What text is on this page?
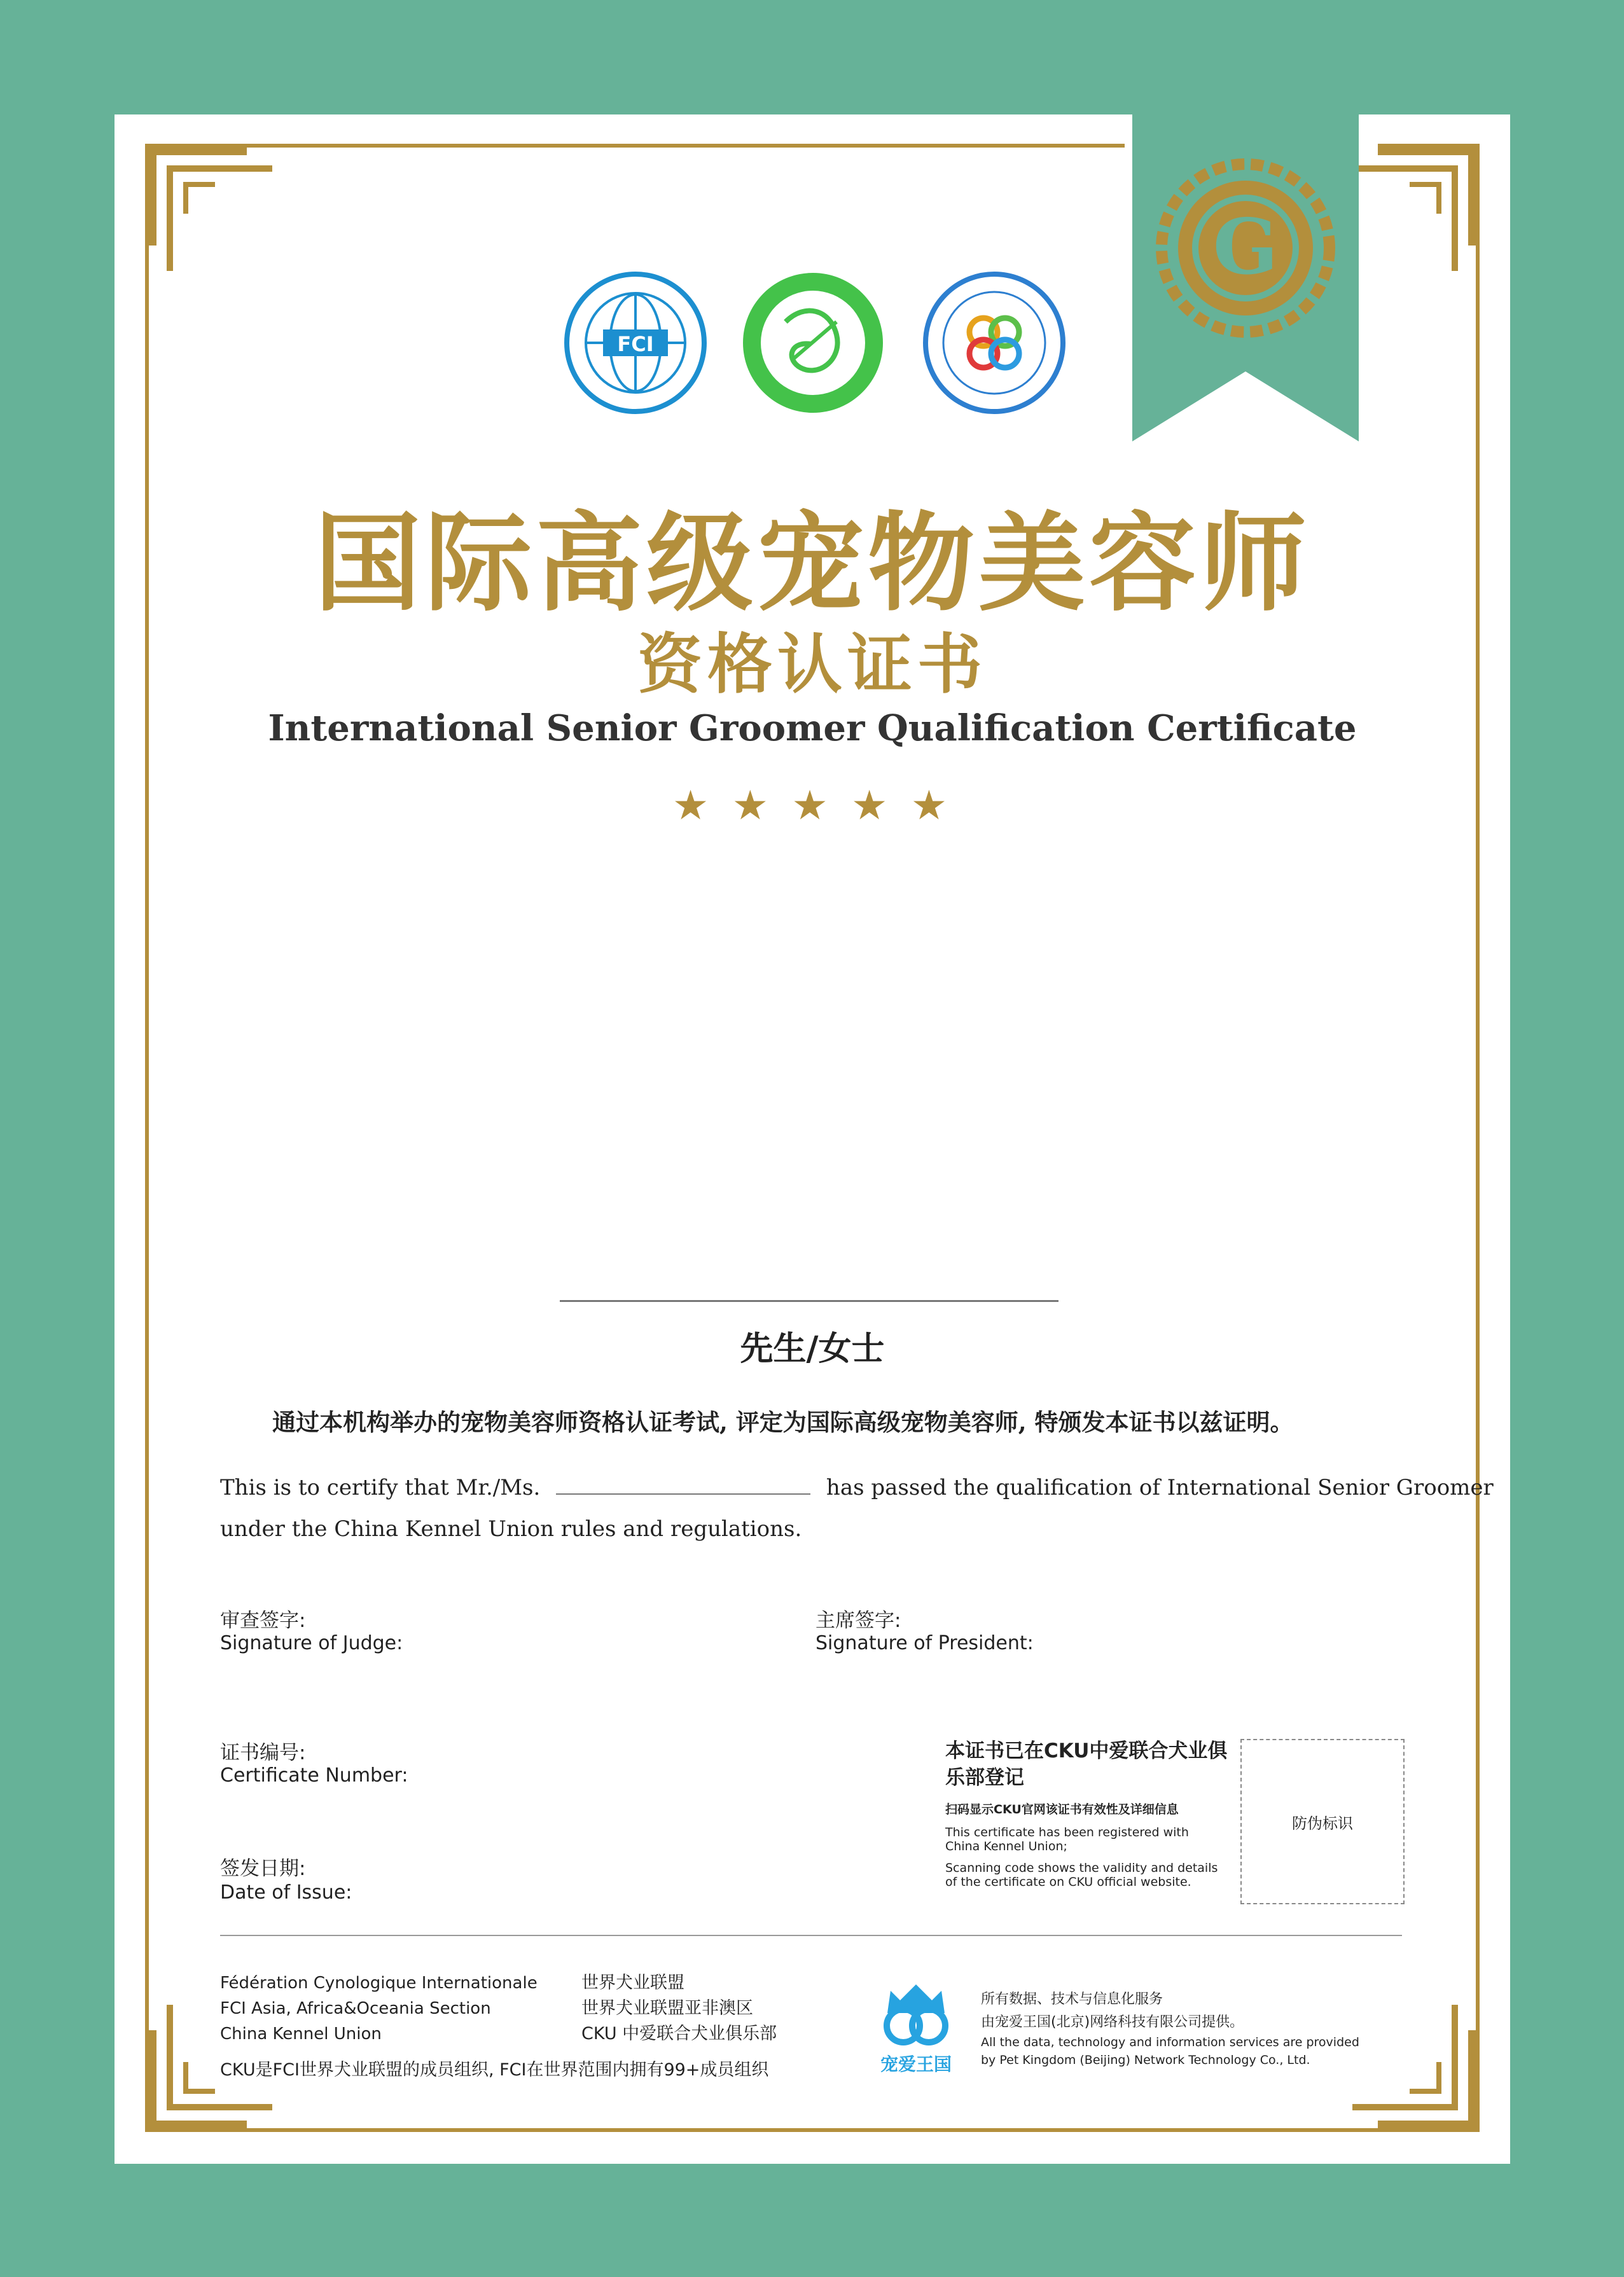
G
FCI
国际高级宠物美容师
资格认证书
International Senior Groomer Qualification Certificate
★ ★ ★ ★ ★
先生/女士
通过本机构举办的宠物美容师资格认证考试, 评定为国际高级宠物美容师, 特颁发本证书以兹证明。
This is to certify that Mr./Ms.	has passed the qualification of International Senior Groomer
under the China Kennel Union rules and regulations.
审查签字:
Signature of Judge:
主席签字:
Signature of President:
证书编号:
Certificate Number:
签发日期:
Date of Issue:
本证书已在CKU中爱联合犬业俱乐部登记
扫码显示CKU官网该证书有效性及详细信息
This certificate has been registered with China Kennel Union;
Scanning code shows the validity and details of the certificate on CKU official website.
防伪标识
Fédération Cynologique Internationale
FCI Asia, Africa&Oceania Section
China Kennel Union
世界犬业联盟
世界犬业联盟亚非澳区
CKU 中爱联合犬业俱乐部
CKU是FCI世界犬业联盟的成员组织, FCI在世界范围内拥有99+成员组织	宠爱王国
所有数据、技术与信息化服务
由宠爱王国(北京)网络科技有限公司提供。
All the data, technology and information services are provided
by Pet Kingdom (Beijing) Network Technology Co., Ltd.
